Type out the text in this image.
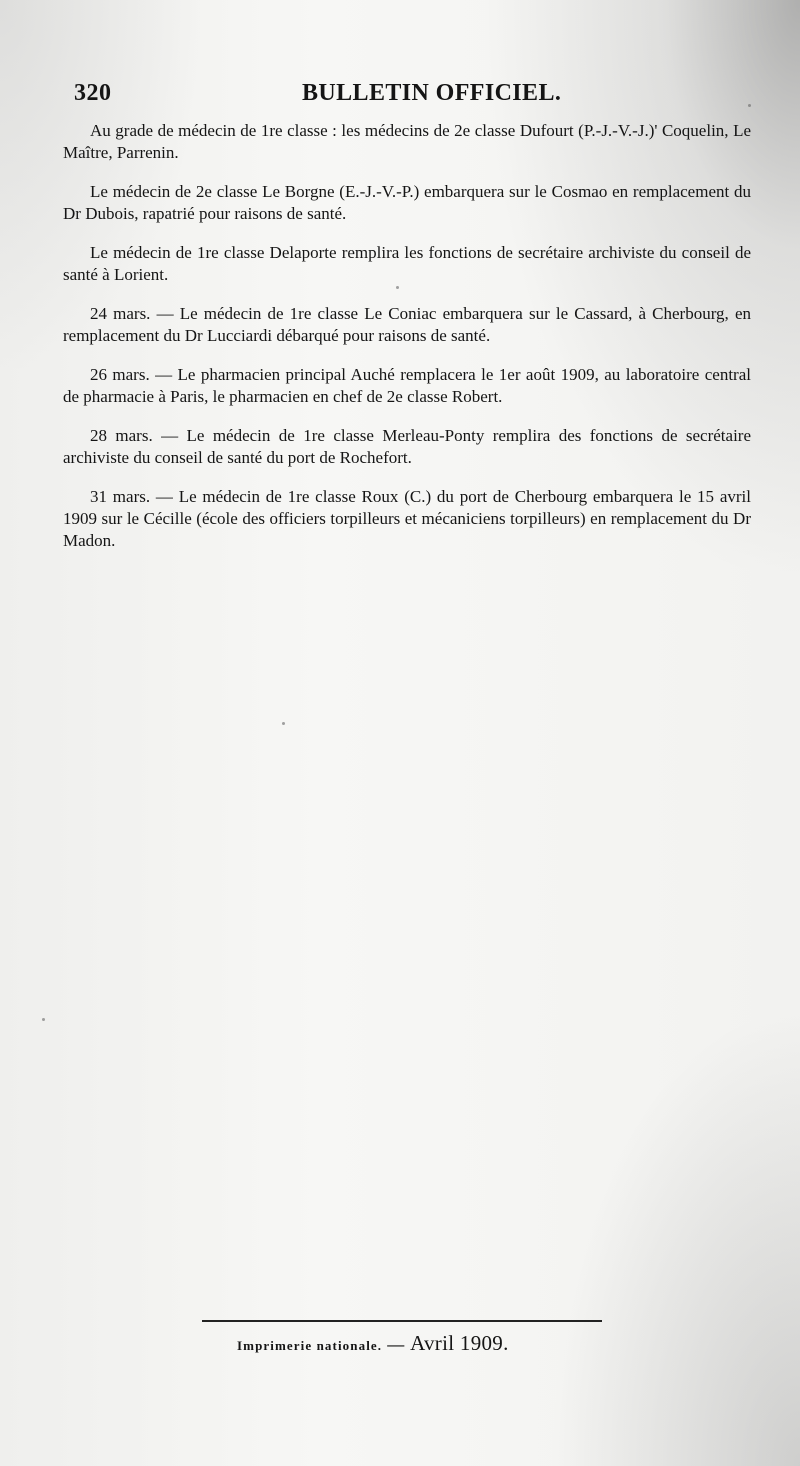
320	BULLETIN OFFICIEL.

Au grade de médecin de 1re classe : les médecins de 2e classe Dufourt (P.-J.-V.-J.)' Coquelin, Le Maître, Parrenin.

Le médecin de 2e classe Le Borgne (E.-J.-V.-P.) embarquera sur le Cosmao en remplacement du Dr Dubois, rapatrié pour raisons de santé.

Le médecin de 1re classe Delaporte remplira les fonctions de secrétaire archiviste du conseil de santé à Lorient.

24 mars. — Le médecin de 1re classe Le Coniac embarquera sur le Cassard, à Cherbourg, en remplacement du Dr Lucciardi débarqué pour raisons de santé.

26 mars. — Le pharmacien principal Auché remplacera le 1er août 1909, au laboratoire central de pharmacie à Paris, le pharmacien en chef de 2e classe Robert.

28 mars. — Le médecin de 1re classe Merleau-Ponty remplira des fonctions de secrétaire archiviste du conseil de santé du port de Rochefort.

31 mars. — Le médecin de 1re classe Roux (C.) du port de Cherbourg embarquera le 15 avril 1909 sur le Cécille (école des officiers torpilleurs et mécaniciens torpilleurs) en remplacement du Dr Madon.

Imprimerie nationale. — Avril 1909.
